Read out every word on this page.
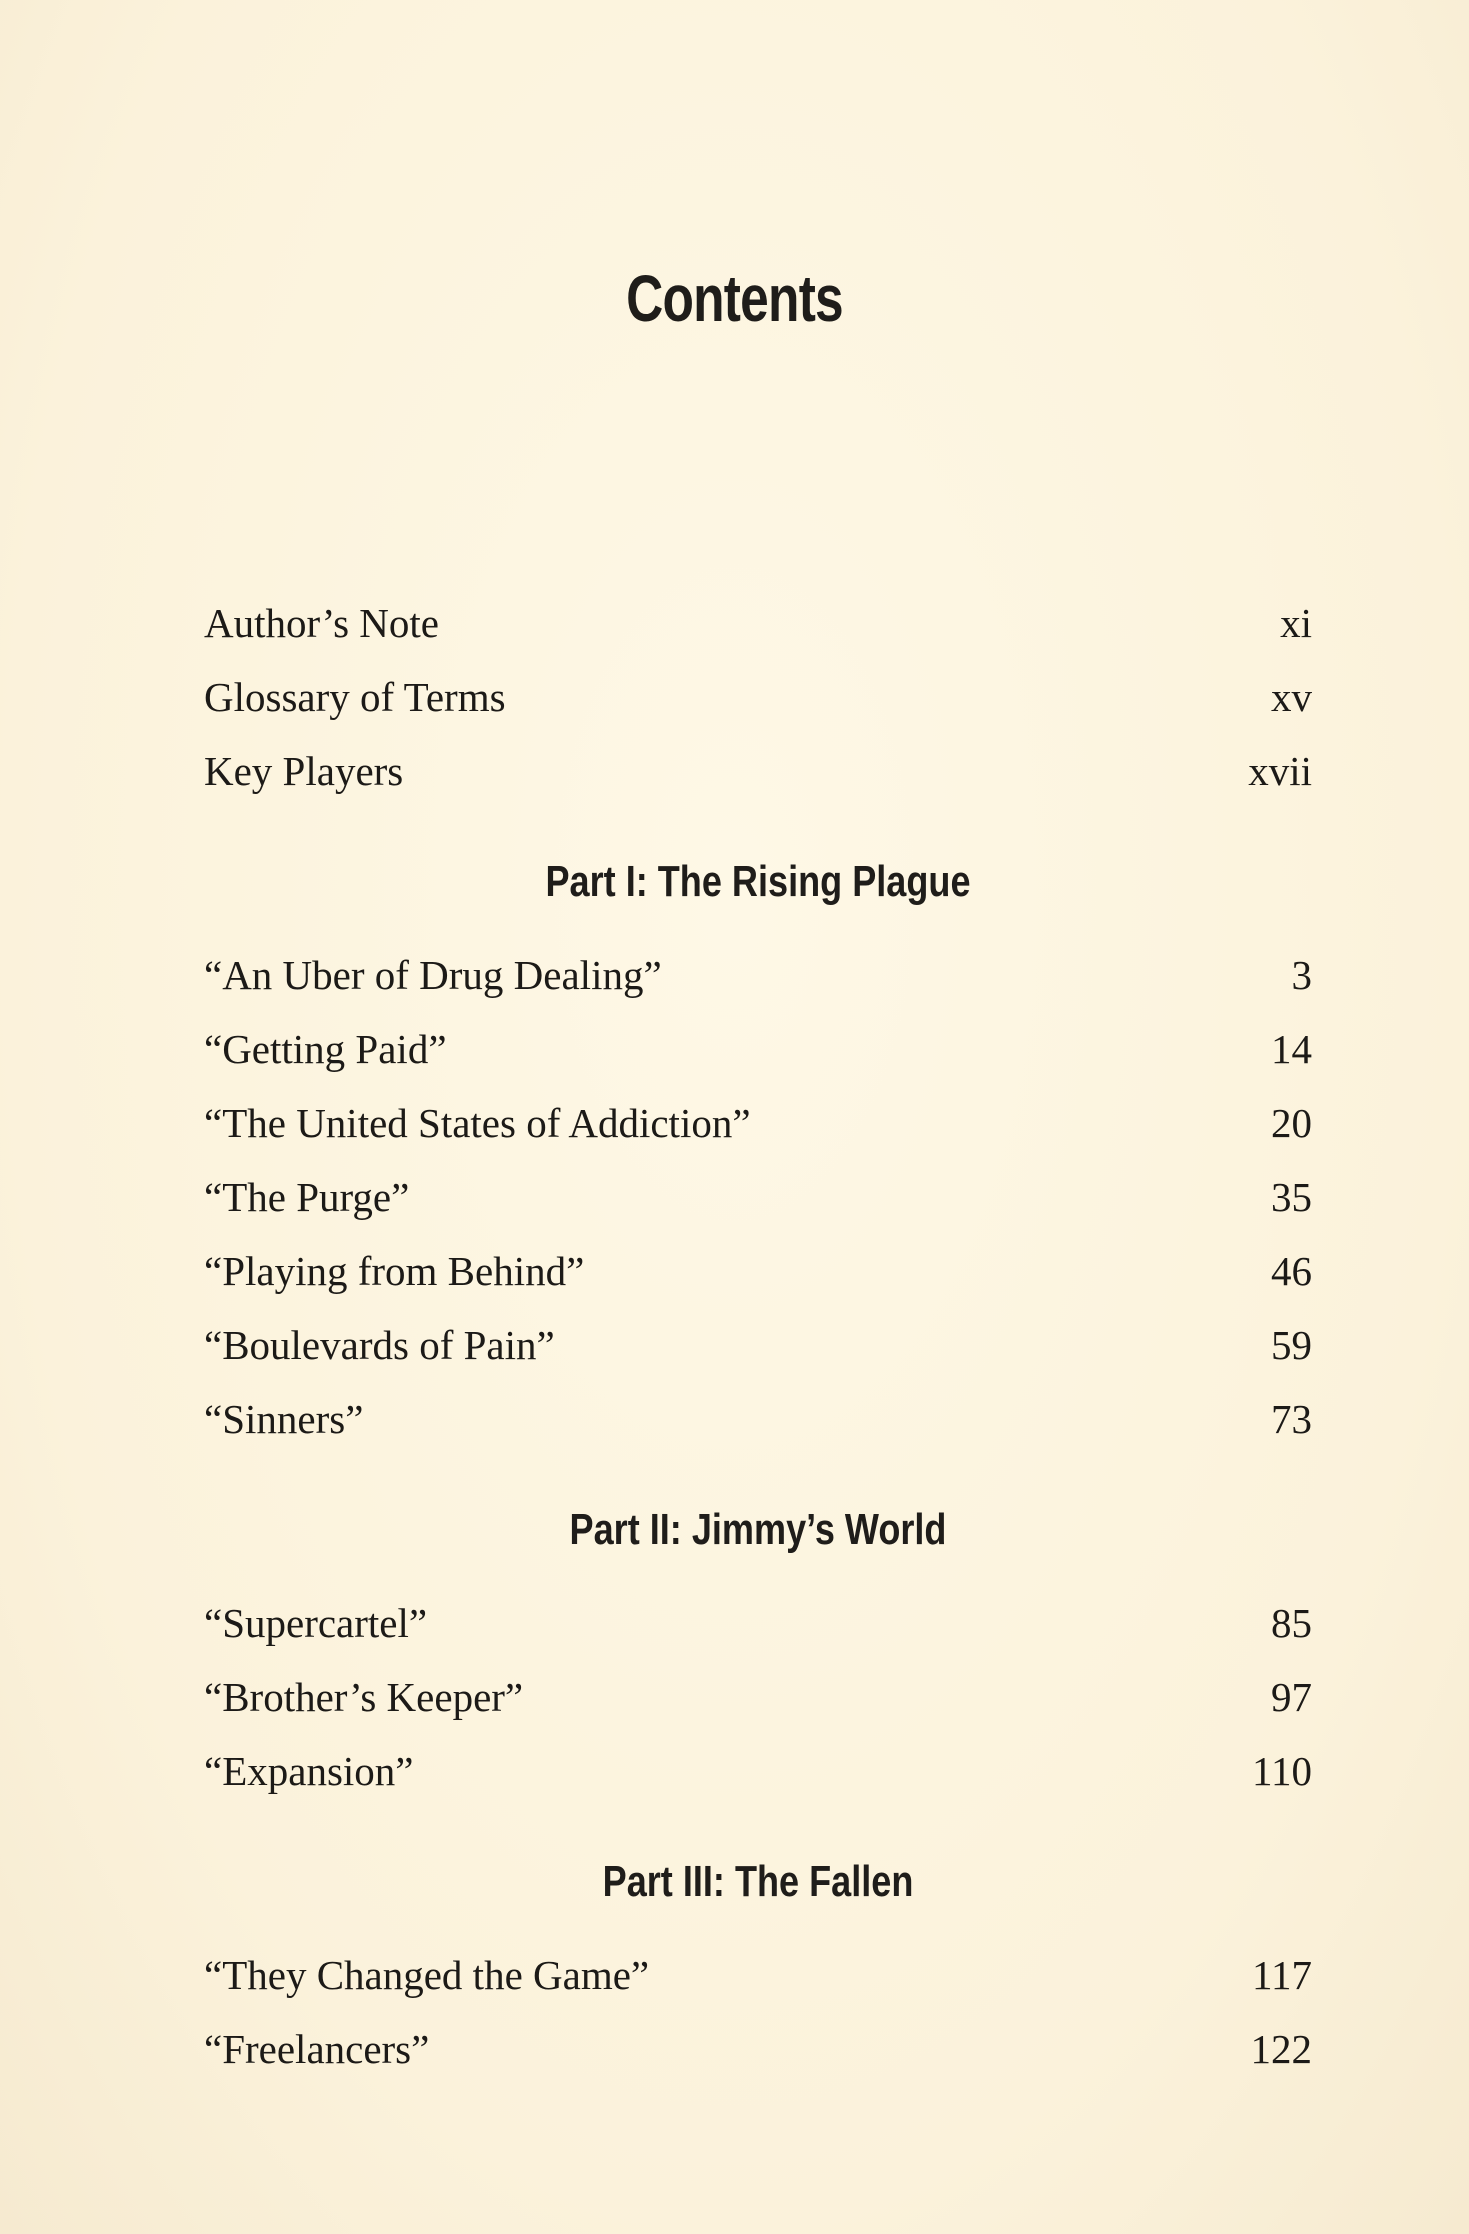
Contents
Author’s Note	xi
Glossary of Terms	xv
Key Players	xvii
Part I: The Rising Plague
“An Uber of Drug Dealing”	3
“Getting Paid”	14
“The United States of Addiction”	20
“The Purge”	35
“Playing from Behind”	46
“Boulevards of Pain”	59
“Sinners”	73
Part II: Jimmy’s World
“Supercartel”	85
“Brother’s Keeper”	97
“Expansion”	110
Part III: The Fallen
“They Changed the Game”	117
“Freelancers”	122
